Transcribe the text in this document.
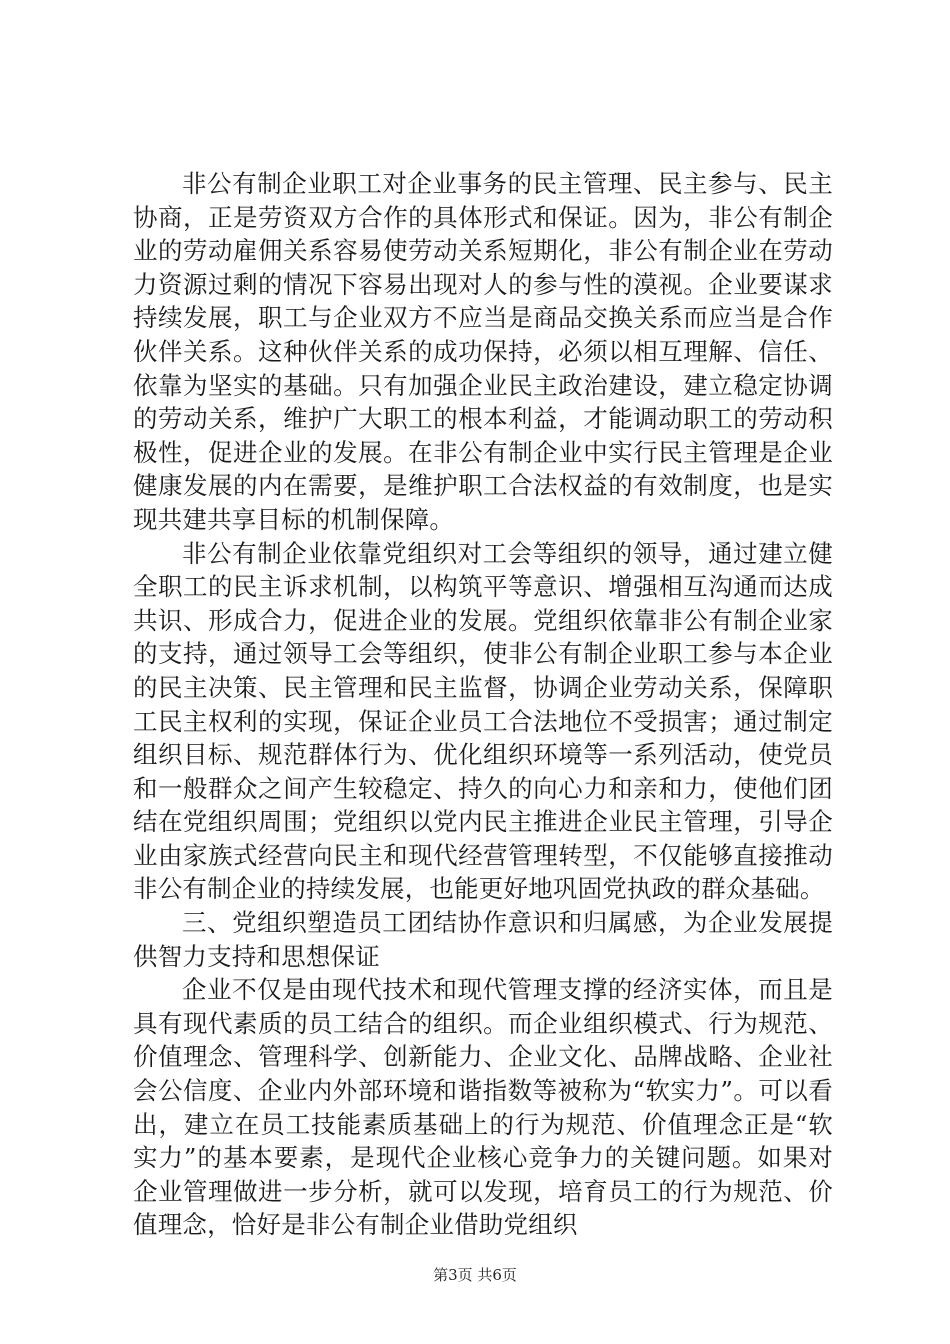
非公有制企业职工对企业事务的民主管理、民主参与、民主协商，正是劳资双方合作的具体形式和保证。因为，非公有制企业的劳动雇佣关系容易使劳动关系短期化，非公有制企业在劳动力资源过剩的情况下容易出现对人的参与性的漠视。企业要谋求持续发展，职工与企业双方不应当是商品交换关系而应当是合作伙伴关系。这种伙伴关系的成功保持，必须以相互理解、信任、依靠为坚实的基础。只有加强企业民主政治建设，建立稳定协调的劳动关系，维护广大职工的根本利益，才能调动职工的劳动积极性，促进企业的发展。在非公有制企业中实行民主管理是企业健康发展的内在需要，是维护职工合法权益的有效制度，也是实现共建共享目标的机制保障。

非公有制企业依靠党组织对工会等组织的领导，通过建立健全职工的民主诉求机制，以构筑平等意识、增强相互沟通而达成共识、形成合力，促进企业的发展。党组织依靠非公有制企业家的支持，通过领导工会等组织，使非公有制企业职工参与本企业的民主决策、民主管理和民主监督，协调企业劳动关系，保障职工民主权利的实现，保证企业员工合法地位不受损害；通过制定组织目标、规范群体行为、优化组织环境等一系列活动，使党员和一般群众之间产生较稳定、持久的向心力和亲和力，使他们团结在党组织周围；党组织以党内民主推进企业民主管理，引导企业由家族式经营向民主和现代经营管理转型，不仅能够直接推动非公有制企业的持续发展，也能更好地巩固党执政的群众基础。

三、党组织塑造员工团结协作意识和归属感，为企业发展提供智力支持和思想保证

企业不仅是由现代技术和现代管理支撑的经济实体，而且是具有现代素质的员工结合的组织。而企业组织模式、行为规范、价值理念、管理科学、创新能力、企业文化、品牌战略、企业社会公信度、企业内外部环境和谐指数等被称为“软实力”。可以看出，建立在员工技能素质基础上的行为规范、价值理念正是“软实力”的基本要素，是现代企业核心竞争力的关键问题。如果对企业管理做进一步分析，就可以发现，培育员工的行为规范、价值理念，恰好是非公有制企业借助党组织

第3页 共6页
